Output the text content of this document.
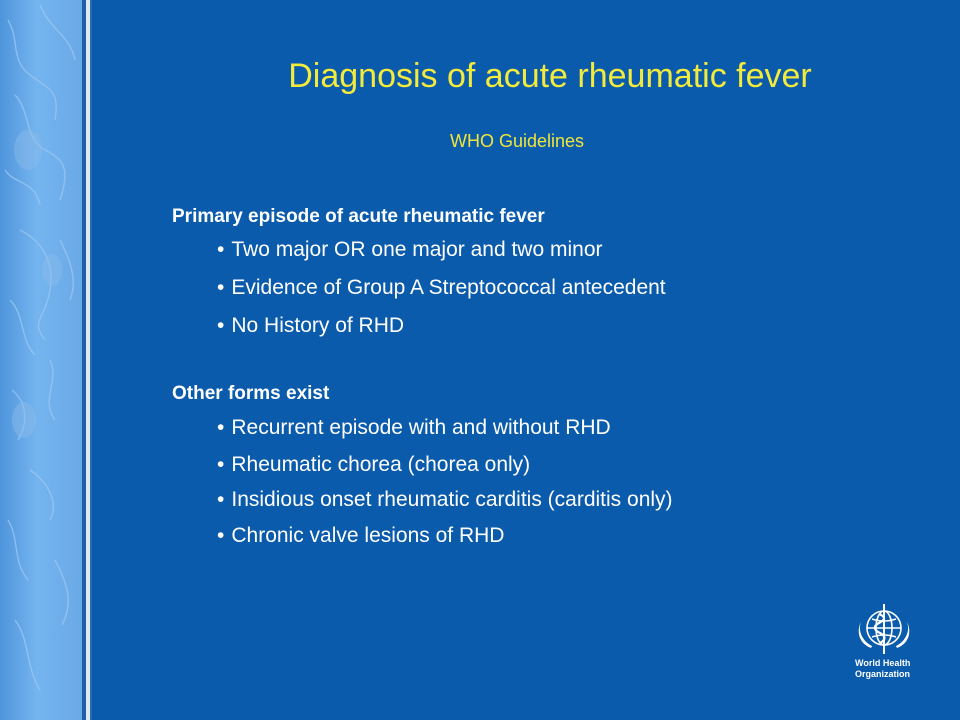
Diagnosis of acute rheumatic fever
WHO Guidelines
Primary episode of acute rheumatic fever
• Two major OR one major and two minor
• Evidence of Group A Streptococcal antecedent
• No History of RHD
Other forms exist
• Recurrent episode with and without RHD
• Rheumatic chorea (chorea only)
• Insidious onset rheumatic carditis (carditis only)
• Chronic valve lesions of RHD
World Health
Organization
